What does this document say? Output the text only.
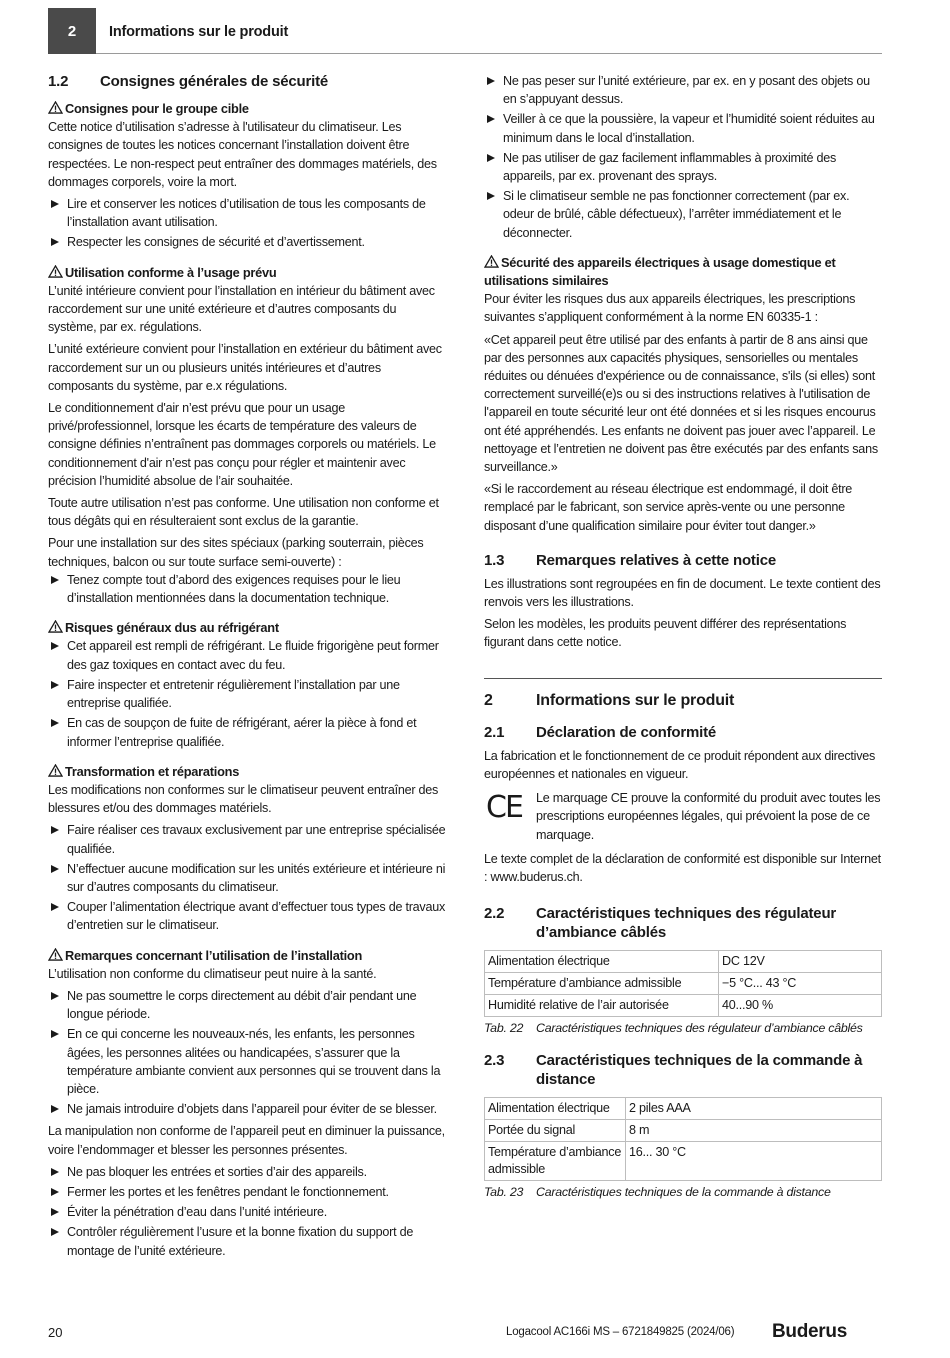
2 Informations sur le produit
1.2	Consignes générales de sécurité
Consignes pour le groupe cible

Cette notice d’utilisation s’adresse à l'utilisateur du climatiseur. Les consignes de toutes les notices concernant l’installation doivent être respectées. Le non-respect peut entraîner des dommages matériels, des dommages corporels, voire la mort.

Lire et conserver les notices d’utilisation de tous les composants de l’installation avant utilisation.
Respecter les consignes de sécurité et d’avertissement.
Utilisation conforme à l’usage prévu

L’unité intérieure convient pour l’installation en intérieur du bâtiment avec raccordement sur une unité extérieure et d’autres composants du système, par ex. régulations.

L’unité extérieure convient pour l’installation en extérieur du bâtiment avec raccordement sur un ou plusieurs unités intérieures et d’autres composants du système, par e.x régulations.

Le conditionnement d'air n’est prévu que pour un usage privé/professionnel, lorsque les écarts de température des valeurs de consigne définies n’entraînent pas dommages corporels ou matériels. Le conditionnement d'air n’est pas conçu pour régler et maintenir avec précision l’humidité absolue de l’air souhaitée.

Toute autre utilisation n’est pas conforme. Une utilisation non conforme et tous dégâts qui en résulteraient sont exclus de la garantie.

Pour une installation sur des sites spéciaux (parking souterrain, pièces techniques, balcon ou sur toute surface semi-ouverte) :

Tenez compte tout d’abord des exigences requises pour le lieu d’installation mentionnées dans la documentation technique.
Risques généraux dus au réfrigérant
Cet appareil est rempli de réfrigérant. Le fluide frigorigène peut former des gaz toxiques en contact avec du feu.
Faire inspecter et entretenir régulièrement l’installation par une entreprise qualifiée.
En cas de soupçon de fuite de réfrigérant, aérer la pièce à fond et informer l’entreprise qualifiée.
Transformation et réparations

Les modifications non conformes sur le climatiseur peuvent entraîner des blessures et/ou des dommages matériels.

Faire réaliser ces travaux exclusivement par une entreprise spécialisée qualifiée.
N’effectuer aucune modification sur les unités extérieure et intérieure ni sur d’autres composants du climatiseur.
Couper l’alimentation électrique avant d’effectuer tous types de travaux d’entretien sur le climatiseur.
Remarques concernant l’utilisation de l’installation

L’utilisation non conforme du climatiseur peut nuire à la santé.

Ne pas soumettre le corps directement au débit d’air pendant une longue période.
En ce qui concerne les nouveaux-nés, les enfants, les personnes âgées, les personnes alitées ou handicapées, s’assurer que la température ambiante convient aux personnes qui se trouvent dans la pièce.
Ne jamais introduire d’objets dans l’appareil pour éviter de se blesser.

La manipulation non conforme de l’appareil peut en diminuer la puissance, voire l’endommager et blesser les personnes présentes.

Ne pas bloquer les entrées et sorties d’air des appareils.
Fermer les portes et les fenêtres pendant le fonctionnement.
Éviter la pénétration d’eau dans l’unité intérieure.
Contrôler régulièrement l’usure et la bonne fixation du support de montage de l’unité extérieure.
Ne pas peser sur l’unité extérieure, par ex. en y posant des objets ou en s’appuyant dessus.
Veiller à ce que la poussière, la vapeur et l’humidité soient réduites au minimum dans le local d’installation.
Ne pas utiliser de gaz facilement inflammables à proximité des appareils, par ex. provenant des sprays.
Si le climatiseur semble ne pas fonctionner correctement (par ex. odeur de brûlé, câble défectueux), l’arrêter immédiatement et le déconnecter.
Sécurité des appareils électriques à usage domestique et utilisations similaires

Pour éviter les risques dus aux appareils électriques, les prescriptions suivantes s’appliquent conformément à la norme EN 60335-1 :

«Cet appareil peut être utilisé par des enfants à partir de 8 ans ainsi que par des personnes aux capacités physiques, sensorielles ou mentales réduites ou dénuées d'expérience ou de connaissance, s'ils (si elles) sont correctement surveillé(e)s ou si des instructions relatives à l'utilisation de l'appareil en toute sécurité leur ont été données et si les risques encourus ont été appréhendés. Les enfants ne doivent pas jouer avec l’appareil. Le nettoyage et l’entretien ne doivent pas être exécutés par des enfants sans surveillance.»

«Si le raccordement au réseau électrique est endommagé, il doit être remplacé par le fabricant, son service après-vente ou une personne disposant d’une qualification similaire pour éviter tout danger.»

1.3	Remarques relatives à cette notice

Les illustrations sont regroupées en fin de document. Le texte contient des renvois vers les illustrations.

Selon les modèles, les produits peuvent différer des représentations figurant dans cette notice.

2	Informations sur le produit
2.1	Déclaration de conformité

La fabrication et le fonctionnement de ce produit répondent aux directives européennes et nationales en vigueur.

CE	Le marquage CE prouve la conformité du produit avec toutes les prescriptions européennes légales, qui prévoient la pose de ce marquage.

Le texte complet de la déclaration de conformité est disponible sur Internet : www.buderus.ch.

2.2	Caractéristiques techniques des régulateur d’ambiance câblés
Alimentation électrique	DC 12V
Température d’ambiance admissible	−5 °C... 43 °C
Humidité relative de l’air autorisée	40...90 %
Tab. 22	Caractéristiques techniques des régulateur d’ambiance câblés
2.3	Caractéristiques techniques de la commande à distance
Alimentation électrique	2 piles AAA
Portée du signal	8 m
Température d’ambiance admissible	16... 30 °C
Tab. 23	Caractéristiques techniques de la commande à distance
20	Logacool AC166i MS – 6721849825 (2024/06) Buderus
